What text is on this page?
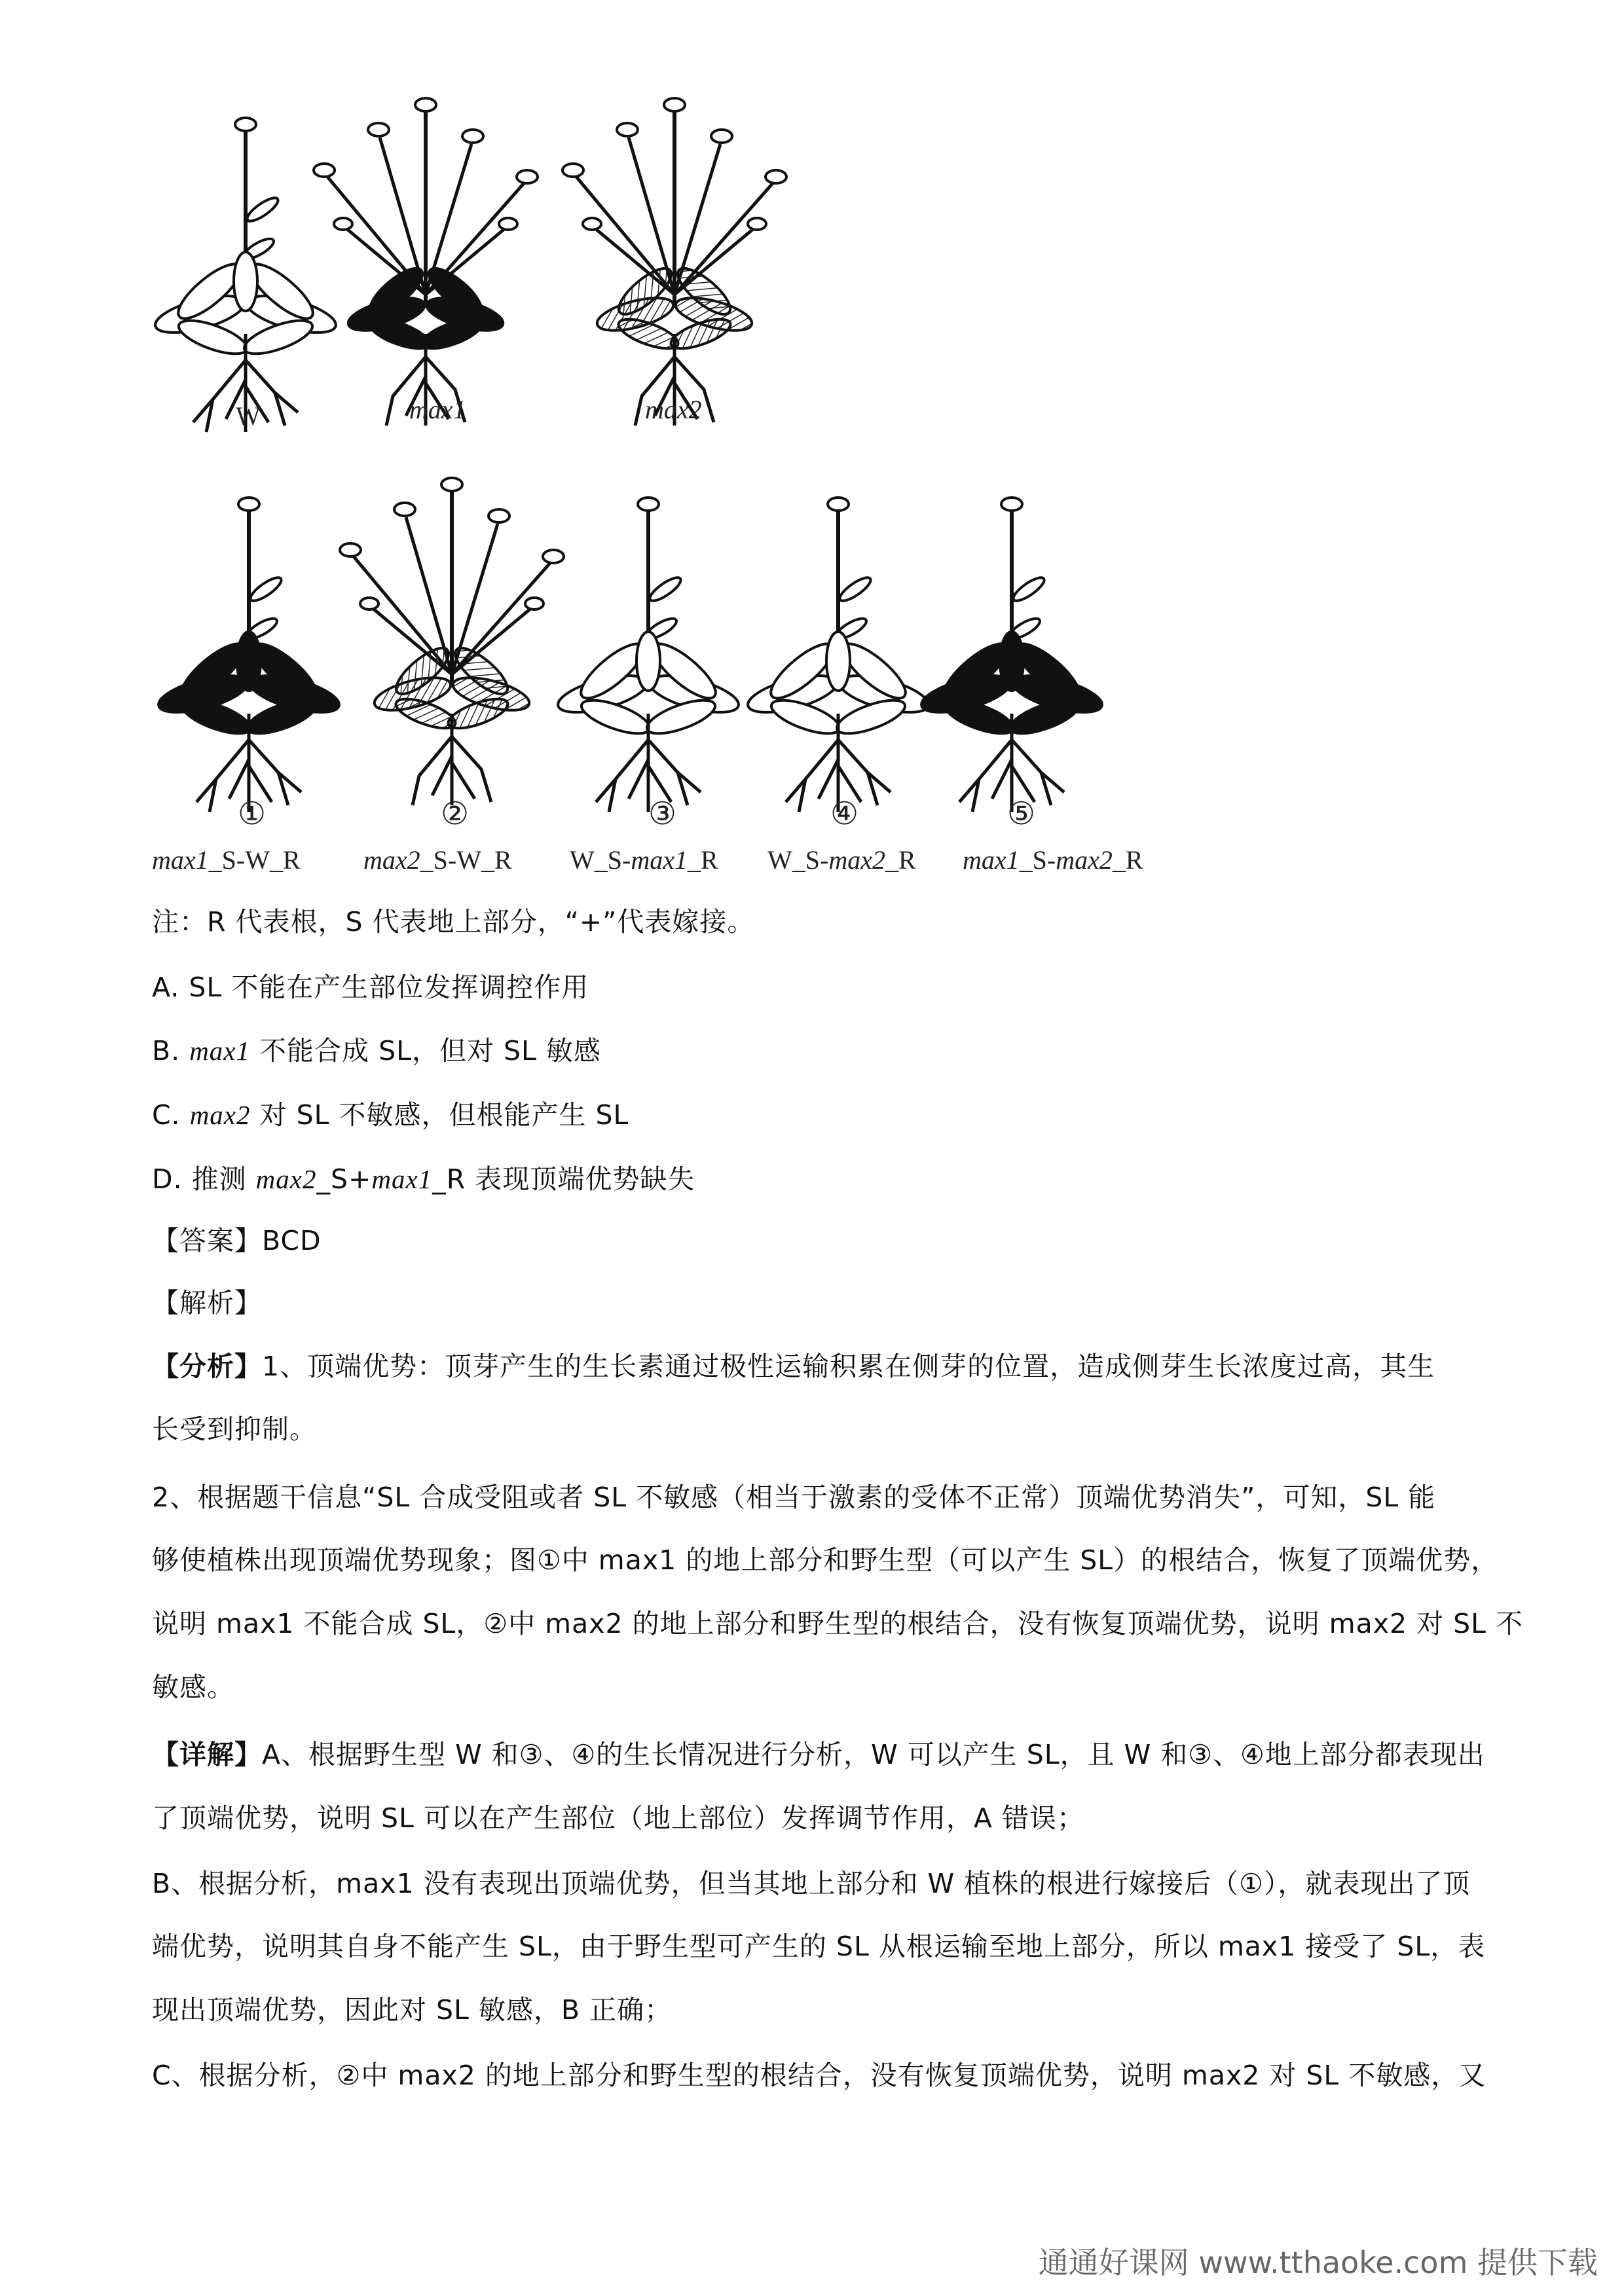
W	max1	max2
①	②	③	④	⑤
max1_S-W_R max2_S-W_R W_S-max1_R W_S-max2_R max1_S-max2_R
注：R 代表根，S 代表地上部分，“+”代表嫁接。
A. SL 不能在产生部位发挥调控作用
B. max1 不能合成 SL，但对 SL 敏感
C. max2 对 SL 不敏感，但根能产生 SL
D. 推测 max2_S+max1_R 表现顶端优势缺失
【答案】BCD
【解析】
【分析】1、顶端优势：顶芽产生的生长素通过极性运输积累在侧芽的位置，造成侧芽生长浓度过高，其生
长受到抑制。
2、根据题干信息“SL 合成受阻或者 SL 不敏感（相当于激素的受体不正常）顶端优势消失”，可知，SL 能
够使植株出现顶端优势现象；图①中 max1 的地上部分和野生型（可以产生 SL）的根结合，恢复了顶端优势，
说明 max1 不能合成 SL，②中 max2 的地上部分和野生型的根结合，没有恢复顶端优势，说明 max2 对 SL 不
敏感。
【详解】A、根据野生型 W 和③、④的生长情况进行分析，W 可以产生 SL，且 W 和③、④地上部分都表现出
了顶端优势，说明 SL 可以在产生部位（地上部位）发挥调节作用，A 错误；
B、根据分析，max1 没有表现出顶端优势，但当其地上部分和 W 植株的根进行嫁接后（①），就表现出了顶
端优势，说明其自身不能产生 SL，由于野生型可产生的 SL 从根运输至地上部分，所以 max1 接受了 SL，表
现出顶端优势，因此对 SL 敏感，B 正确；
C、根据分析，②中 max2 的地上部分和野生型的根结合，没有恢复顶端优势，说明 max2 对 SL 不敏感，又
通通好课网 www.tthaoke.com 提供下载
